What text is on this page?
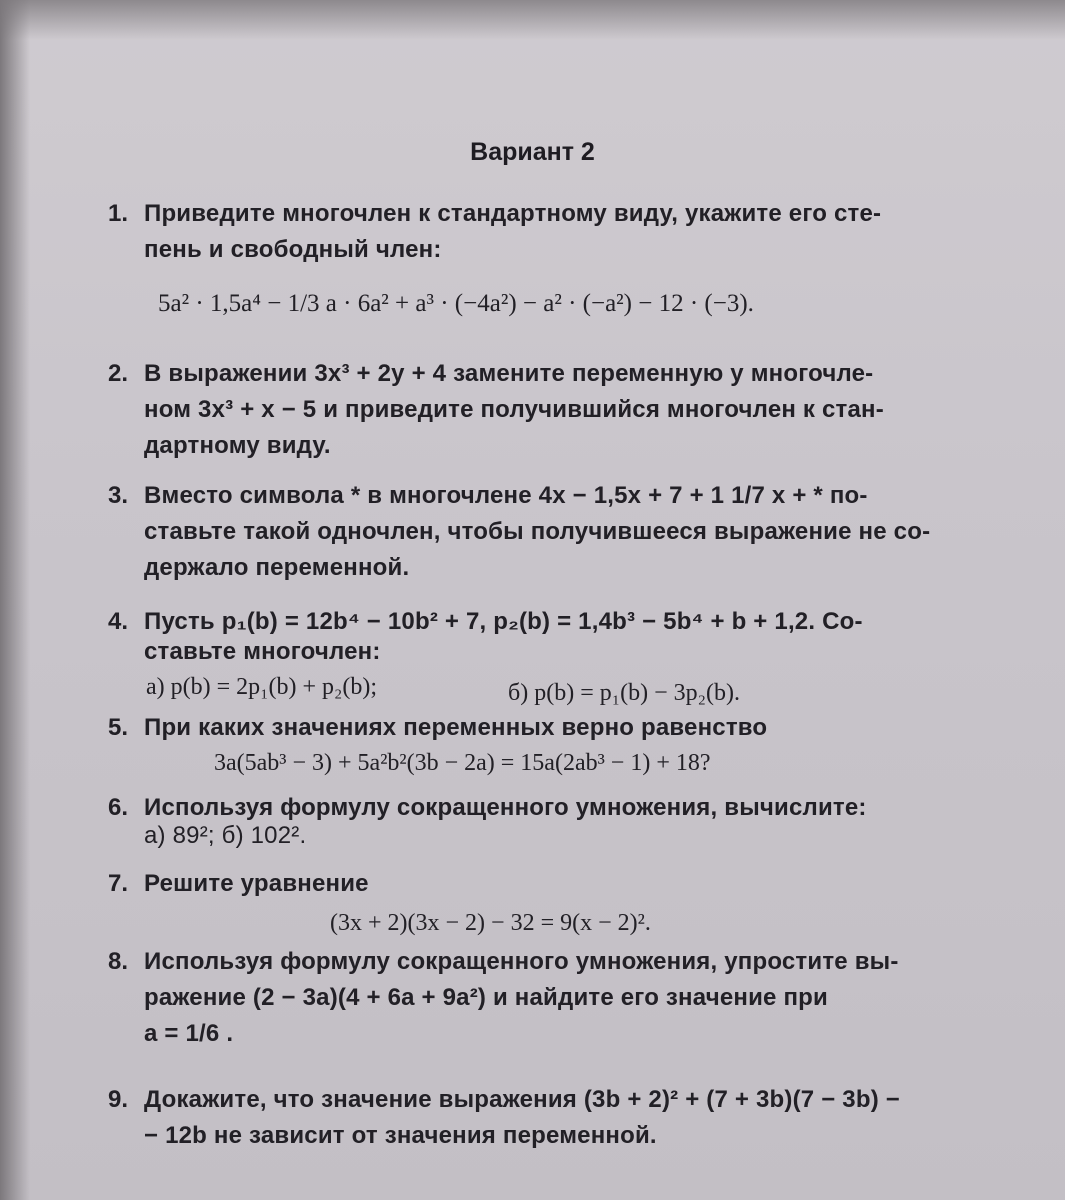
Вариант 2
1. Приведите многочлен к стандартному виду, укажите его сте-
пень и свободный член:
5a² · 1,5a⁴ − 1/3 a · 6a² + a³ · (−4a²) − a² · (−a²) − 12 · (−3).
2. В выражении 3x³ + 2y + 4 замените переменную y многочле-
ном 3x³ + x − 5 и приведите получившийся многочлен к стан-
дартному виду.
3. Вместо символа * в многочлене 4x − 1,5x + 7 + 1 1/7 x + * по-
ставьте такой одночлен, чтобы получившееся выражение не со-
держало переменной.
4. Пусть p₁(b) = 12b⁴ − 10b² + 7, p₂(b) = 1,4b³ − 5b⁴ + b + 1,2. Со-
ставьте многочлен:
а) p(b) = 2p₁(b) + p₂(b);	б) p(b) = p₁(b) − 3p₂(b).
5. При каких значениях переменных верно равенство
3a(5ab³ − 3) + 5a²b²(3b − 2a) = 15a(2ab³ − 1) + 18?
6. Используя формулу сокращенного умножения, вычислите:
а) 89²; б) 102².
7. Решите уравнение
(3x + 2)(3x − 2) − 32 = 9(x − 2)².
8. Используя формулу сокращенного умножения, упростите вы-
ражение (2 − 3a)(4 + 6a + 9a²) и найдите его значение при
a = 1/6 .
9. Докажите, что значение выражения (3b + 2)² + (7 + 3b)(7 − 3b) −
− 12b не зависит от значения переменной.
